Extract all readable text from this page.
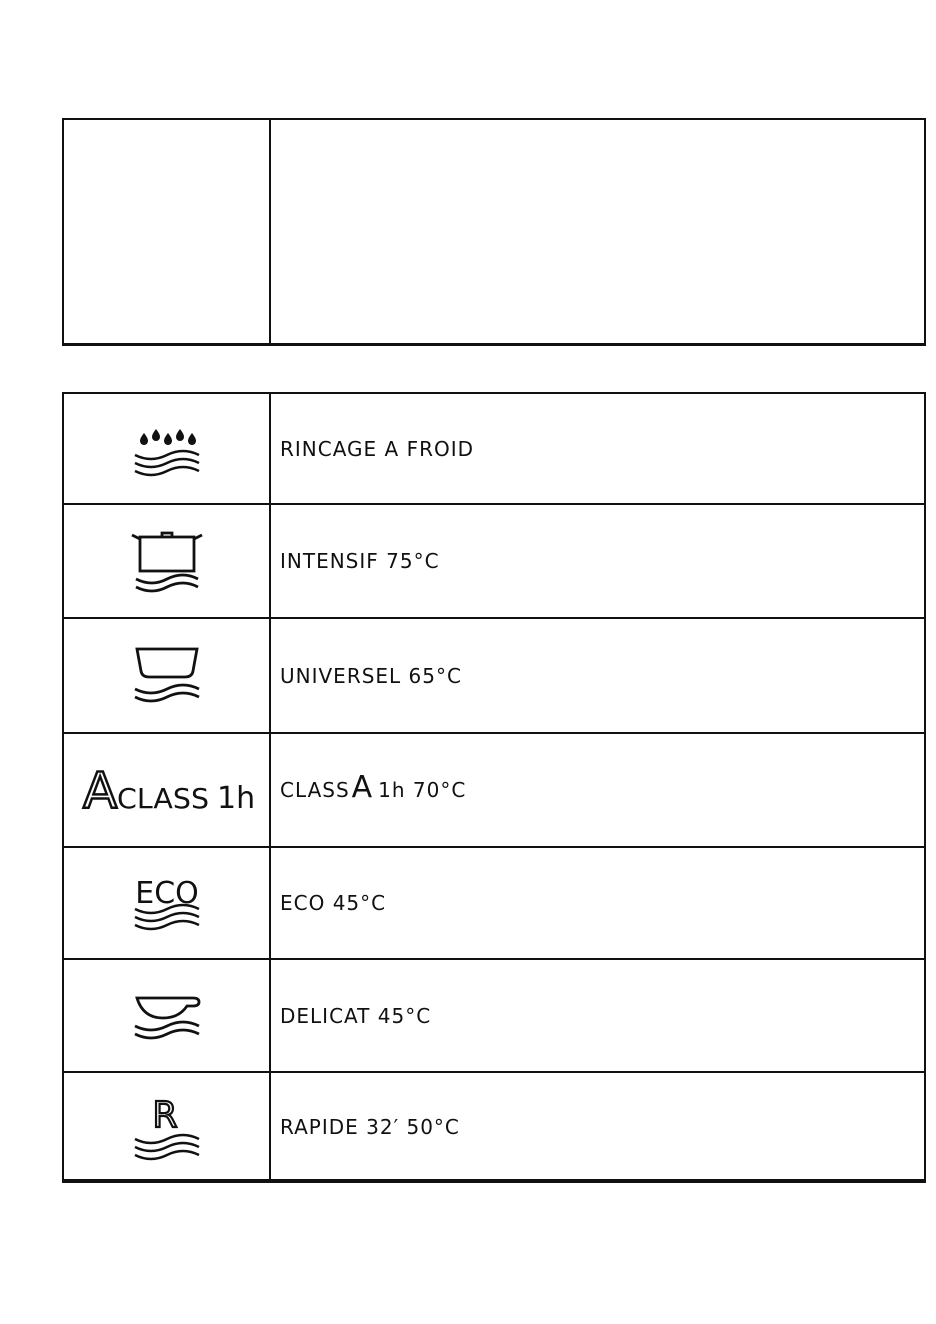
RINCAGE A FROID
INTENSIF 75°C
UNIVERSEL 65°C
A CLASS 1h CLASS A 1h 70°C
ECO	ECO 45°C
DELICAT 45°C
R	RAPIDE 32′ 50°C
